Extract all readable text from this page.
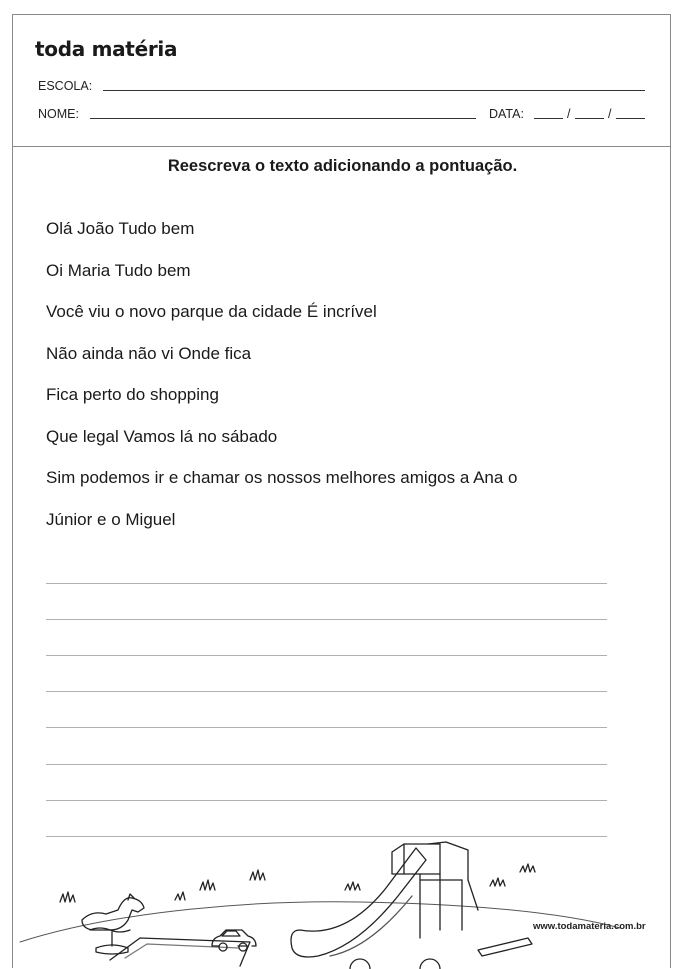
toda matéria
ESCOLA:
NOME:	DATA:	/	/
Reescreva o texto adicionando a pontuação.
Olá João Tudo bem
Oi Maria Tudo bem
Você viu o novo parque da cidade É incrível
Não ainda não vi Onde fica
Fica perto do shopping
Que legal Vamos lá no sábado
Sim podemos ir e chamar os nossos melhores amigos a Ana o
Júnior e o Miguel
www.todamateria.com.br
